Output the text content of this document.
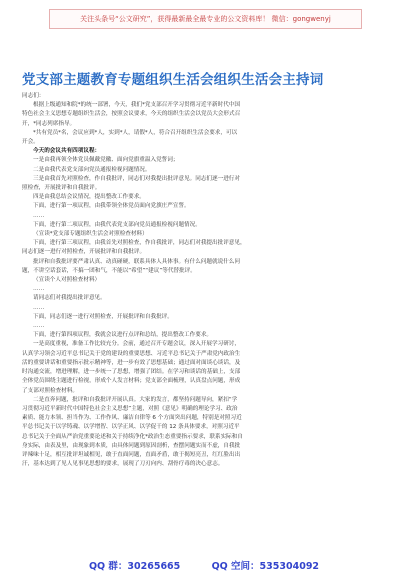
关注头条号“公文研究”，获得最新最全最专业的公文资料库！ 微信：gongwenyj
党支部主题教育专题组织生活会组织生活会主持词

同志们：

根据上级通知和院*的统一部署，今天，我们*党支部召开学习贯彻习近平新时代中国

特色社会主义思想专题组织生活会，按照会议要求，今天的组织生活会以党员大会形式召

开，*同志列席指导。

*共有党员*名，会议应到*人，实到*人，请假*人，符合召开组织生活会要求，可以

开会。

今天的会议共有四项议程：

一是由我再领全体党员佩戴党徽、面向党旗重温入党誓词；

二是由我代表党支部向党员通报检视问题情况。

三是由我首先对照检查，作自我批评，同志们对我提出批评意见。同志们逐一进行对

照检查，开展批评和自我批评。

四是由我总结会议情况，提出整改工作要求。

下面，进行第一项议程，由我带领全体党员面向党旗庄严宣誓。

……

下面，进行第二项议程，由我代表党支部向党员通报检视问题情况。

（宣读*党支部专题组织生活会对照检查材料）

下面，进行第三项议程，由我首先对照检查，作自我批评，同志们对我提出批评意见，

同志们逐一进行对照检查，开展批评和自我批评。

批评和自我批评要严肃认真、动真碰硬，联系具体人具体事。有什么问题就说什么问

题，不讲空话套话，不搞一团和气，不能以“希望”“建议”等代替批评。

（宣读个人对照检查材料）

……

请同志们对我提出批评意见。

……

下面，同志们逐一进行对照检查，开展批评和自我批评。

……

下面，进行第四项议程，我就会议进行点评和总结，提出整改工作要求。

一是高度重视，准备工作比较充分。会前，通过召开专题会议，深入开展学习研讨，

认真学习领会习近平总书记关于党的建设的重要思想、习近平总书记关于严肃党内政治生

活的重要讲话和重要指示批示精神等，进一步有效了思想基础；通过面对面谈心谈话，及

时沟通交流，增进理解，进一步统一了思想，增强了团结。在学习和谈话的基础上，支部

全体党员围绕主题进行检视，形成个人发言材料；党支部全面梳理，认真盘点问题，形成

了支部对照检查材料。

二是直奔问题，批评和自我批评开展认真。大家的发言，都坚持问题导向，紧扣“学

习贯彻习近平新时代中国特色社会主义思想”主题，对照《意见》明确的理论学习、政治

素质、能力本领、担当作为、工作作风、廉洁自律等 6 个方面突出问题，特别是对照习近

平总书记关于以学铸魂、以学增智、以学正风、以学促干的 12 条具体要求，对照习近平

总书记关于全面从严治党重要论述和关于持续净化*政治生态重要指示要求，联系实际和自

身实际，由表及里，由现象到本质，由具体问题到原因剖析，查摆问题实而不虚，自我批

评辣味十足，相互批评坦诚相见，敢于直面问题，直面矛盾，敢于揭短亮丑，红红脸出出

汗，基本达到了见人见事见思想的要求，展现了刀刃向内、刮骨疗毒的决心意志。

QQ 群：30265665	QQ 空间：535304092
